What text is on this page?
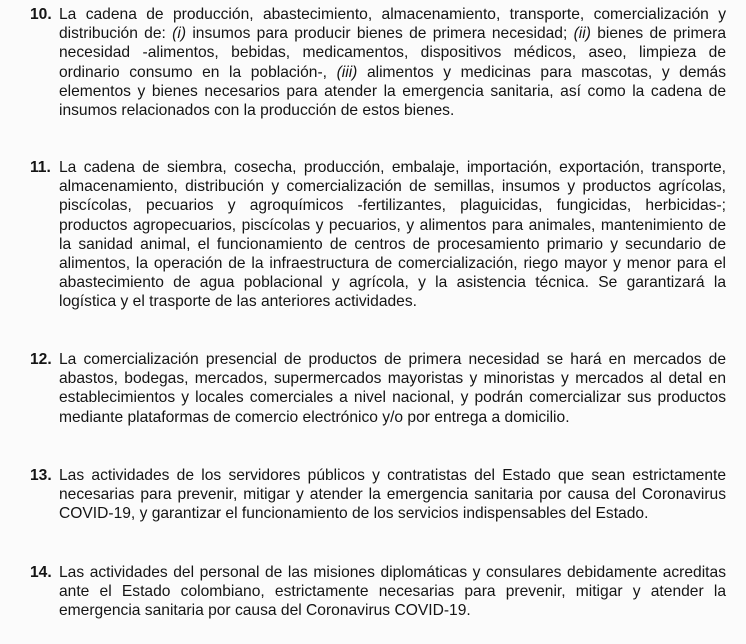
10. La cadena de producción, abastecimiento, almacenamiento, transporte, comercialización y distribución de: (i) insumos para producir bienes de primera necesidad; (ii) bienes de primera necesidad -alimentos, bebidas, medicamentos, dispositivos médicos, aseo, limpieza de ordinario consumo en la población-, (iii) alimentos y medicinas para mascotas, y demás elementos y bienes necesarios para atender la emergencia sanitaria, así como la cadena de insumos relacionados con la producción de estos bienes.
11. La cadena de siembra, cosecha, producción, embalaje, importación, exportación, transporte, almacenamiento, distribución y comercialización de semillas, insumos y productos agrícolas, piscícolas, pecuarios y agroquímicos -fertilizantes, plaguicidas, fungicidas, herbicidas-; productos agropecuarios, piscícolas y pecuarios, y alimentos para animales, mantenimiento de la sanidad animal, el funcionamiento de centros de procesamiento primario y secundario de alimentos, la operación de la infraestructura de comercialización, riego mayor y menor para el abastecimiento de agua poblacional y agrícola, y la asistencia técnica. Se garantizará la logística y el trasporte de las anteriores actividades.
12. La comercialización presencial de productos de primera necesidad se hará en mercados de abastos, bodegas, mercados, supermercados mayoristas y minoristas y mercados al detal en establecimientos y locales comerciales a nivel nacional, y podrán comercializar sus productos mediante plataformas de comercio electrónico y/o por entrega a domicilio.
13. Las actividades de los servidores públicos y contratistas del Estado que sean estrictamente necesarias para prevenir, mitigar y atender la emergencia sanitaria por causa del Coronavirus COVID-19, y garantizar el funcionamiento de los servicios indispensables del Estado.
14. Las actividades del personal de las misiones diplomáticas y consulares debidamente acreditas ante el Estado colombiano, estrictamente necesarias para prevenir, mitigar y atender la emergencia sanitaria por causa del Coronavirus COVID-19.
